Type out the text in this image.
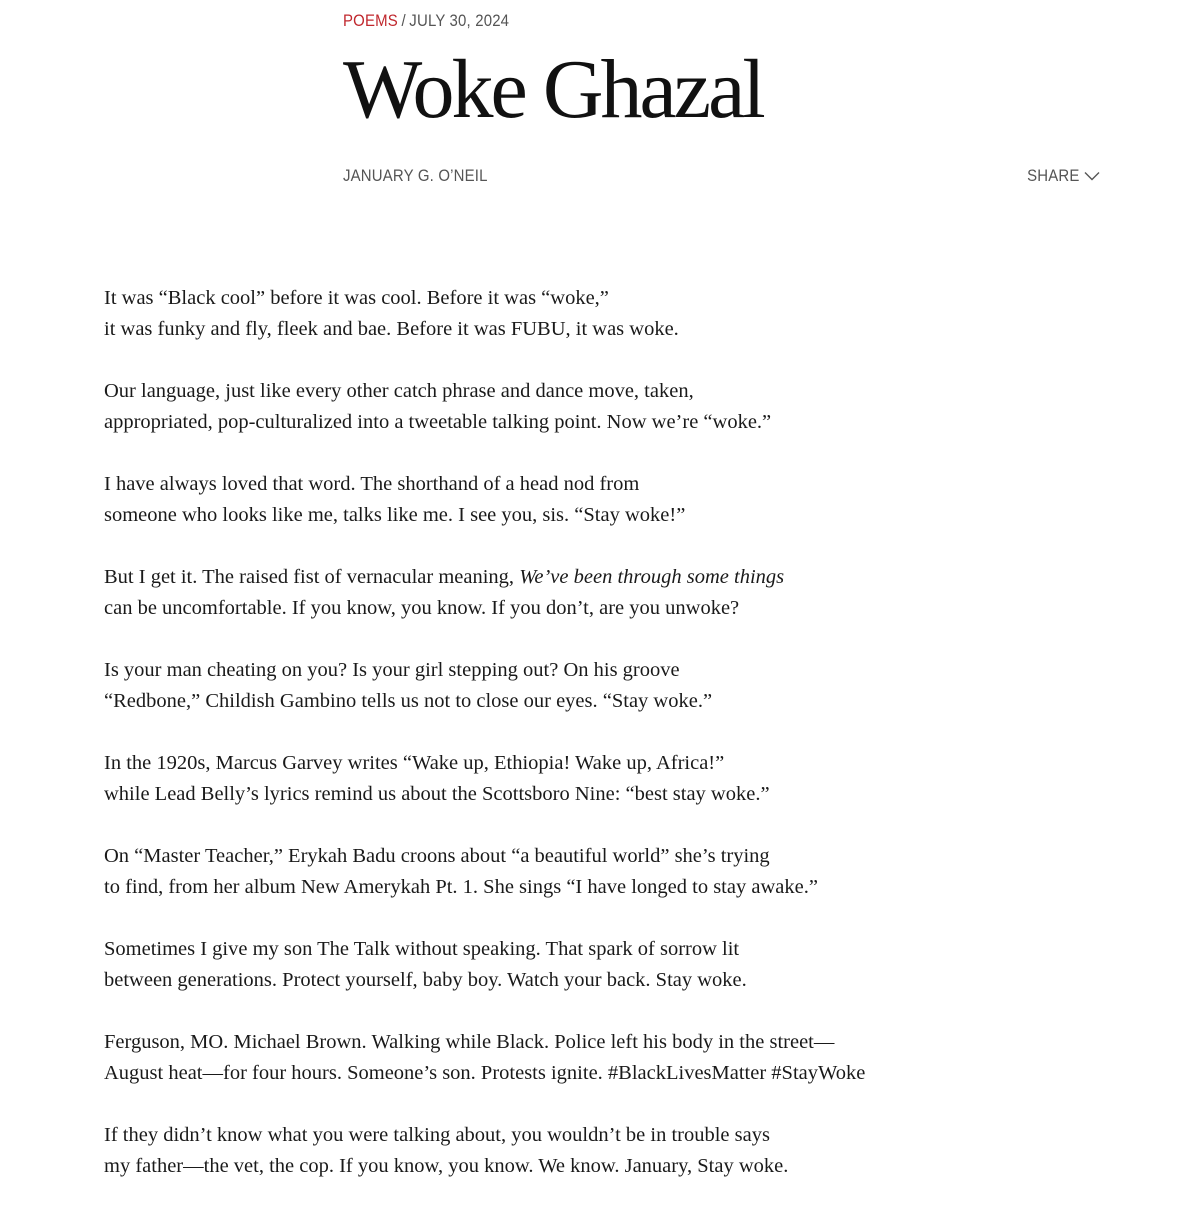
POEMS / JULY 30, 2024
Woke Ghazal
JANUARY G. O’NEIL	SHARE

It was “Black cool” before it was cool. Before it was “woke,”
it was funky and fly, fleek and bae. Before it was FUBU, it was woke.

Our language, just like every other catch phrase and dance move, taken,
appropriated, pop-culturalized into a tweetable talking point. Now we’re “woke.”

I have always loved that word. The shorthand of a head nod from
someone who looks like me, talks like me. I see you, sis. “Stay woke!”

But I get it. The raised fist of vernacular meaning, We’ve been through some things
can be uncomfortable. If you know, you know. If you don’t, are you unwoke?

Is your man cheating on you? Is your girl stepping out? On his groove
“Redbone,” Childish Gambino tells us not to close our eyes. “Stay woke.”

In the 1920s, Marcus Garvey writes “Wake up, Ethiopia! Wake up, Africa!”
while Lead Belly’s lyrics remind us about the Scottsboro Nine: “best stay woke.”

On “Master Teacher,” Erykah Badu croons about “a beautiful world” she’s trying
to find, from her album New Amerykah Pt. 1. She sings “I have longed to stay awake.”

Sometimes I give my son The Talk without speaking. That spark of sorrow lit
between generations. Protect yourself, baby boy. Watch your back. Stay woke.

Ferguson, MO. Michael Brown. Walking while Black. Police left his body in the street—
August heat—for four hours. Someone’s son. Protests ignite. #BlackLivesMatter #StayWoke

If they didn’t know what you were talking about, you wouldn’t be in trouble says
my father—the vet, the cop. If you know, you know. We know. January, Stay woke.
